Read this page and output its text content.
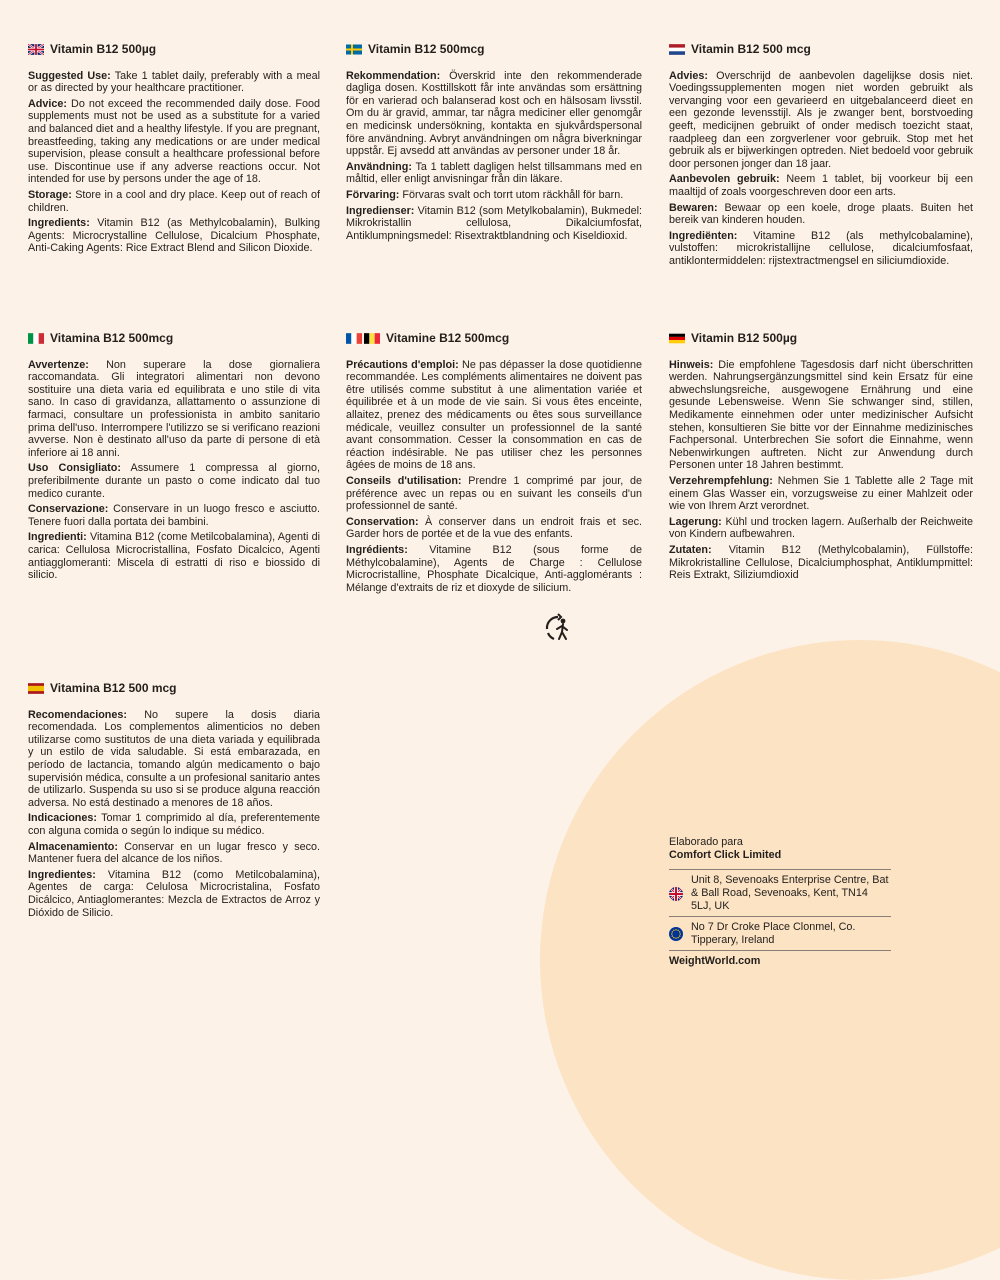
Vitamin B12 500µg

Suggested Use: Take 1 tablet daily, preferably with a meal or as directed by your healthcare practitioner.

Advice: Do not exceed the recommended daily dose. Food supplements must not be used as a substitute for a varied and balanced diet and a healthy lifestyle. If you are pregnant, breastfeeding, taking any medications or are under medical supervision, please consult a healthcare professional before use. Discontinue use if any adverse reactions occur. Not intended for use by persons under the age of 18.

Storage: Store in a cool and dry place. Keep out of reach of children.

Ingredients: Vitamin B12 (as Methylcobalamin), Bulking Agents: Microcrystalline Cellulose, Dicalcium Phosphate, Anti-Caking Agents: Rice Extract Blend and Silicon Dioxide.

Vitamin B12 500mcg

Rekommendation: Överskrid inte den rekommenderade dagliga dosen. Kosttillskott får inte användas som ersättning för en varierad och balanserad kost och en hälsosam livsstil. Om du är gravid, ammar, tar några mediciner eller genomgår en medicinsk undersökning, kontakta en sjukvårdspersonal före användning. Avbryt användningen om några biverkningar uppstår. Ej avsedd att användas av personer under 18 år.

Användning: Ta 1 tablett dagligen helst tillsammans med en måltid, eller enligt anvisningar från din läkare.

Förvaring: Förvaras svalt och torrt utom räckhåll för barn.

Ingredienser: Vitamin B12 (som Metylkobalamin), Bukmedel: Mikrokristallin cellulosa, Dikalciumfosfat, Antiklumpningsmedel: Risextraktblandning och Kiseldioxid.

Vitamin B12 500 mcg

Advies: Overschrijd de aanbevolen dagelijkse dosis niet. Voedingssupplementen mogen niet worden gebruikt als vervanging voor een gevarieerd en uitgebalanceerd dieet en een gezonde levensstijl. Als je zwanger bent, borstvoeding geeft, medicijnen gebruikt of onder medisch toezicht staat, raadpleeg dan een zorgverlener voor gebruik. Stop met het gebruik als er bijwerkingen optreden. Niet bedoeld voor gebruik door personen jonger dan 18 jaar.

Aanbevolen gebruik: Neem 1 tablet, bij voorkeur bij een maaltijd of zoals voorgeschreven door een arts.

Bewaren: Bewaar op een koele, droge plaats. Buiten het bereik van kinderen houden.

Ingrediënten: Vitamine B12 (als methylcobalamine), vulstoffen: microkristallijne cellulose, dicalciumfosfaat, antiklontermiddelen: rijstextractmengsel en siliciumdioxide.

Vitamina B12 500mcg

Avvertenze: Non superare la dose giornaliera raccomandata. Gli integratori alimentari non devono sostituire una dieta varia ed equilibrata e uno stile di vita sano. In caso di gravidanza, allattamento o assunzione di farmaci, consultare un professionista in ambito sanitario prima dell'uso. Interrompere l'utilizzo se si verificano reazioni avverse. Non è destinato all'uso da parte di persone di età inferiore ai 18 anni.

Uso Consigliato: Assumere 1 compressa al giorno, preferibilmente durante un pasto o come indicato dal tuo medico curante.

Conservazione: Conservare in un luogo fresco e asciutto. Tenere fuori dalla portata dei bambini.

Ingredienti: Vitamina B12 (come Metilcobalamina), Agenti di carica: Cellulosa Microcristallina, Fosfato Dicalcico, Agenti antiagglomeranti: Miscela di estratti di riso e biossido di silicio.

Vitamine B12 500mcg

Précautions d'emploi: Ne pas dépasser la dose quotidienne recommandée. Les compléments alimentaires ne doivent pas être utilisés comme substitut à une alimentation variée et équilibrée et à un mode de vie sain. Si vous êtes enceinte, allaitez, prenez des médicaments ou êtes sous surveillance médicale, veuillez consulter un professionnel de la santé avant consommation. Cesser la consommation en cas de réaction indésirable. Ne pas utiliser chez les personnes âgées de moins de 18 ans.

Conseils d'utilisation: Prendre 1 comprimé par jour, de préférence avec un repas ou en suivant les conseils d'un professionnel de santé.

Conservation: À conserver dans un endroit frais et sec. Garder hors de portée et de la vue des enfants.

Ingrédients: Vitamine B12 (sous forme de Méthylcobalamine), Agents de Charge : Cellulose Microcristalline, Phosphate Dicalcique, Anti-agglomérants : Mélange d'extraits de riz et dioxyde de silicium.

Vitamin B12 500µg

Hinweis: Die empfohlene Tagesdosis darf nicht überschritten werden. Nahrungsergänzungsmittel sind kein Ersatz für eine abwechslungsreiche, ausgewogene Ernährung und eine gesunde Lebensweise. Wenn Sie schwanger sind, stillen, Medikamente einnehmen oder unter medizinischer Aufsicht stehen, konsultieren Sie bitte vor der Einnahme medizinisches Fachpersonal. Unterbrechen Sie sofort die Einnahme, wenn Nebenwirkungen auftreten. Nicht zur Anwendung durch Personen unter 18 Jahren bestimmt.

Verzehrempfehlung: Nehmen Sie 1 Tablette alle 2 Tage mit einem Glas Wasser ein, vorzugsweise zu einer Mahlzeit oder wie von Ihrem Arzt verordnet.

Lagerung: Kühl und trocken lagern. Außerhalb der Reichweite von Kindern aufbewahren.

Zutaten: Vitamin B12 (Methylcobalamin), Füllstoffe: Mikrokristalline Cellulose, Dicalciumphosphat, Antiklumpmittel: Reis Extrakt, Siliziumdioxid

Vitamina B12 500 mcg

Recomendaciones: No supere la dosis diaria recomendada. Los complementos alimenticios no deben utilizarse como sustitutos de una dieta variada y equilibrada y un estilo de vida saludable. Si está embarazada, en período de lactancia, tomando algún medicamento o bajo supervisión médica, consulte a un profesional sanitario antes de utilizarlo. Suspenda su uso si se produce alguna reacción adversa. No está destinado a menores de 18 años.

Indicaciones: Tomar 1 comprimido al día, preferentemente con alguna comida o según lo indique su médico.

Almacenamiento: Conservar en un lugar fresco y seco. Mantener fuera del alcance de los niños.

Ingredientes: Vitamina B12 (como Metilcobalamina), Agentes de carga: Celulosa Microcristalina, Fosfato Dicálcico, Antiaglomerantes: Mezcla de Extractos de Arroz y Dióxido de Silicio.

Elaborado para
Comfort Click Limited
Unit 8, Sevenoaks Enterprise Centre, Bat & Ball Road, Sevenoaks, Kent, TN14 5LJ, UK
No 7 Dr Croke Place Clonmel, Co. Tipperary, Ireland
WeightWorld.com
